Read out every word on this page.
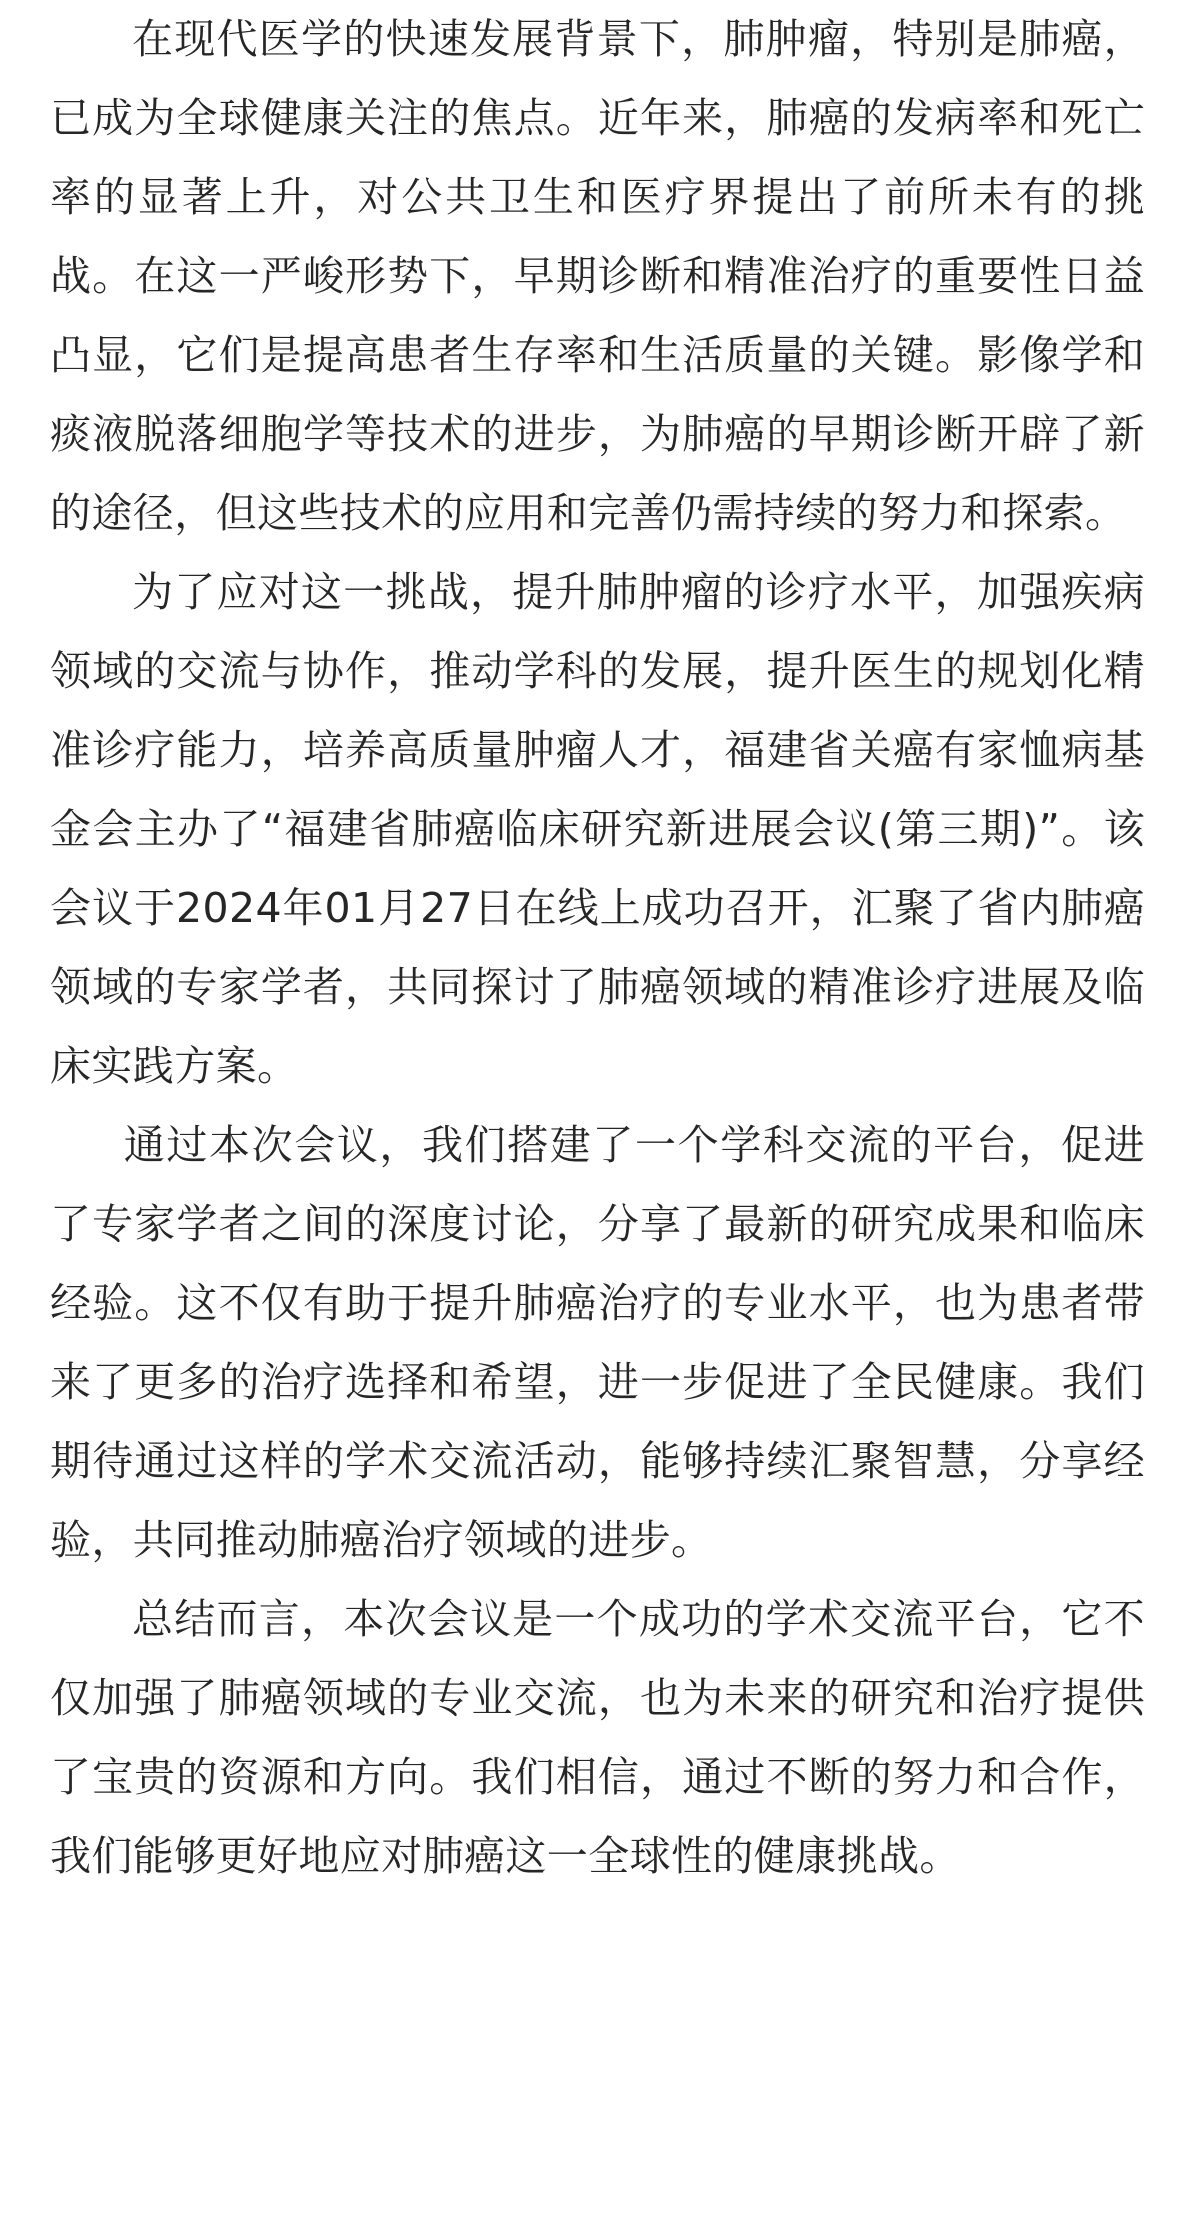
在现代医学的快速发展背景下，肺肿瘤，特别是肺癌，已成为全球健康关注的焦点。近年来，肺癌的发病率和死亡率的显著上升，对公共卫生和医疗界提出了前所未有的挑战。在这一严峻形势下，早期诊断和精准治疗的重要性日益凸显，它们是提高患者生存率和生活质量的关键。影像学和痰液脱落细胞学等技术的进步，为肺癌的早期诊断开辟了新的途径，但这些技术的应用和完善仍需持续的努力和探索。

为了应对这一挑战，提升肺肿瘤的诊疗水平，加强疾病领域的交流与协作，推动学科的发展，提升医生的规划化精准诊疗能力，培养高质量肿瘤人才，福建省关癌有家恤病基金会主办了“福建省肺癌临床研究新进展会议(第三期)”。该会议于2024年01月27日在线上成功召开，汇聚了省内肺癌领域的专家学者，共同探讨了肺癌领域的精准诊疗进展及临床实践方案。

通过本次会议，我们搭建了一个学科交流的平台，促进了专家学者之间的深度讨论，分享了最新的研究成果和临床经验。这不仅有助于提升肺癌治疗的专业水平，也为患者带来了更多的治疗选择和希望，进一步促进了全民健康。我们期待通过这样的学术交流活动，能够持续汇聚智慧，分享经验，共同推动肺癌治疗领域的进步。

总结而言，本次会议是一个成功的学术交流平台，它不仅加强了肺癌领域的专业交流，也为未来的研究和治疗提供了宝贵的资源和方向。我们相信，通过不断的努力和合作，我们能够更好地应对肺癌这一全球性的健康挑战。
